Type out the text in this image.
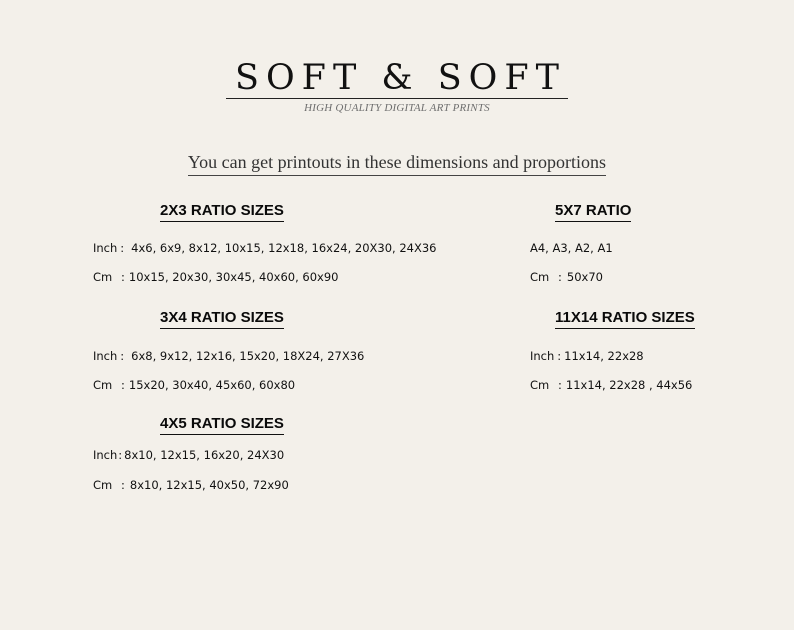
SOFT & SOFT
HIGH QUALITY DIGITAL ART PRINTS
You can get printouts in these dimensions and proportions
2X3 RATIO SIZES
Inch : 4x6, 6x9, 8x12, 10x15, 12x18, 16x24, 20X30, 24X36
Cm : 10x15, 20x30, 30x45, 40x60, 60x90
3X4 RATIO SIZES
Inch : 6x8, 9x12, 12x16, 15x20, 18X24, 27X36
Cm : 15x20, 30x40, 45x60, 60x80
4X5 RATIO SIZES
Inch: 8x10, 12x15, 16x20, 24X30
Cm : 8x10, 12x15, 40x50, 72x90
5X7 RATIO
A4, A3, A2, A1
Cm : 50x70
11X14 RATIO SIZES
Inch : 11x14, 22x28
Cm : 11x14, 22x28 , 44x56
